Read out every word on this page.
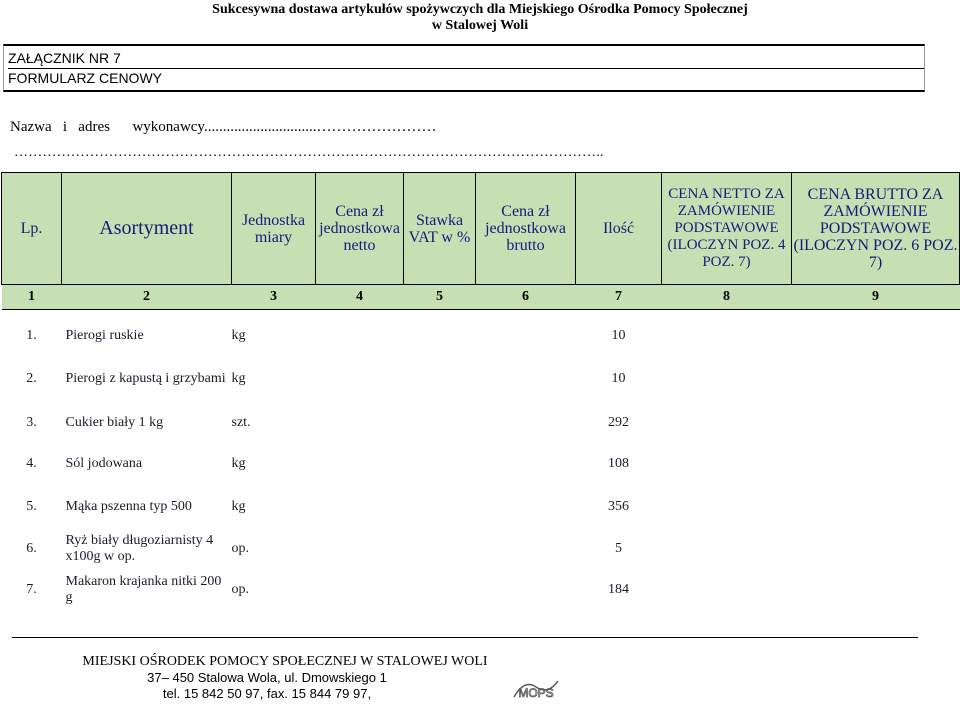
Sukcesywna dostawa artykułów spożywczych dla Miejskiego Ośrodka Pomocy Społecznej
w Stalowej Woli
ZAŁĄCZNIK NR 7
FORMULARZ CENOWY
Nazwa   i   adres      wykonawcy..............................……………………
……………………………………………………………………………………………………………..
Lp.	Asortyment	Jednostka miary	Cena zł jednostkowa netto	Stawka VAT w %	Cena zł jednostkowa brutto	Ilość	CENA NETTO ZA ZAMÓWIENIE PODSTAWOWE (ILOCZYN POZ. 4 POZ. 7)	CENA BRUTTO ZA ZAMÓWIENIE PODSTAWOWE (ILOCZYN POZ. 6 POZ. 7)
1	2	3	4	5	6	7	8	9

1.	Pierogi ruskie	kg				10		
2.	Pierogi z kapustą i grzybami	kg				10		
3.	Cukier biały 1 kg	szt.				292		
4.	Sól jodowana	kg				108		
5.	Mąka pszenna typ 500	kg				356		
6.	Ryż biały długoziarnisty 4 x100g w op.	op.				5		
7.	Makaron krajanka nitki 200 g	op.				184		
MIEJSKI OŚRODEK POMOCY SPOŁECZNEJ W STALOWEJ WOLI
37– 450 Stalowa Wola, ul. Dmowskiego 1
tel. 15 842 50 97, fax. 15 844 79 97,	MOPS
